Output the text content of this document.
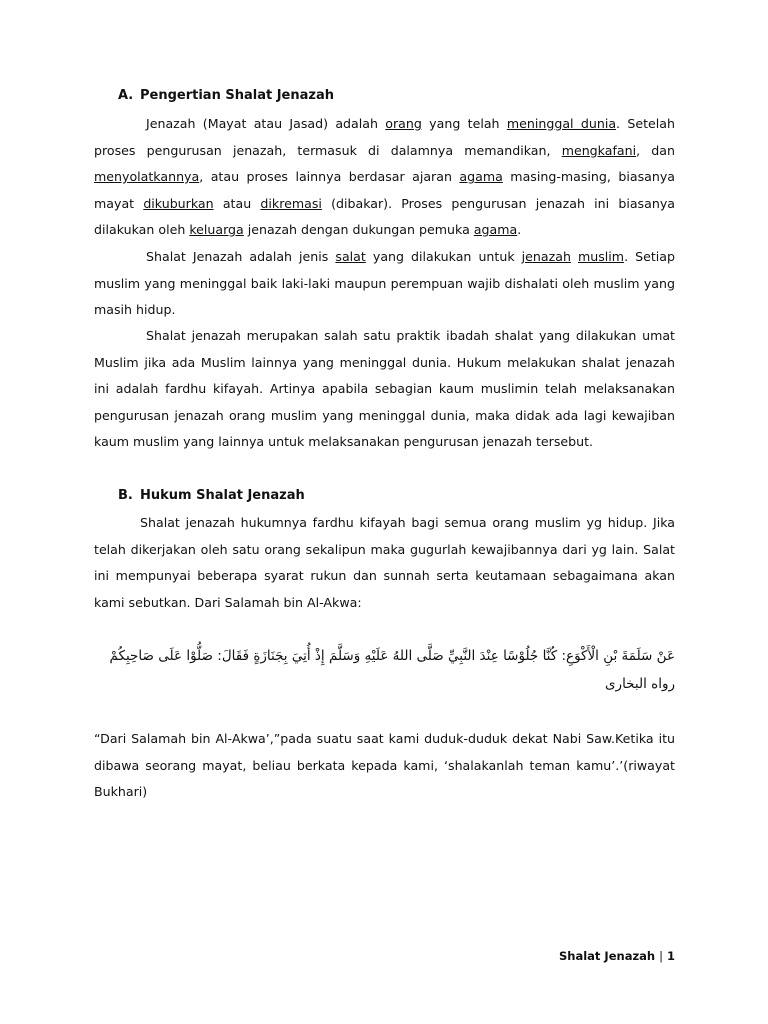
A. Pengertian Shalat Jenazah

Jenazah (Mayat atau Jasad) adalah orang yang telah meninggal dunia. Setelah proses pengurusan jenazah, termasuk di dalamnya memandikan, mengkafani, dan menyolatkannya, atau proses lainnya berdasar ajaran agama masing-masing, biasanya mayat dikuburkan atau dikremasi (dibakar). Proses pengurusan jenazah ini biasanya dilakukan oleh keluarga jenazah dengan dukungan pemuka agama.

Shalat Jenazah adalah jenis salat yang dilakukan untuk jenazah muslim. Setiap muslim yang meninggal baik laki-laki maupun perempuan wajib dishalati oleh muslim yang masih hidup.

Shalat jenazah merupakan salah satu praktik ibadah shalat yang dilakukan umat Muslim jika ada Muslim lainnya yang meninggal dunia. Hukum melakukan shalat jenazah ini adalah fardhu kifayah. Artinya apabila sebagian kaum muslimin telah melaksanakan pengurusan jenazah orang muslim yang meninggal dunia, maka didak ada lagi kewajiban kaum muslim yang lainnya untuk melaksanakan pengurusan jenazah tersebut.

B. Hukum Shalat Jenazah

Shalat jenazah hukumnya fardhu kifayah bagi semua orang muslim yg hidup. Jika telah dikerjakan oleh satu orang sekalipun maka gugurlah kewajibannya dari yg lain. Salat ini mempunyai beberapa syarat rukun dan sunnah serta keutamaan sebagaimana akan kami sebutkan. Dari Salamah bin Al-Akwa:

عَنْ سَلَمَةَ بْنِ الْأَكْوَعِ: كُنَّا جُلُوْسًا عِنْدَ النَّبِيِّ صَلَّى اللهُ عَلَيْهِ وَسَلَّمَ إِذْ أُتِيَ بِجَنَازَةٍ فَقَالَ: صَلُّوْا عَلَى صَاحِبِكُمْ رواه البخارى

“Dari Salamah bin Al-Akwa’,”pada suatu saat kami duduk-duduk dekat Nabi Saw.Ketika itu dibawa seorang mayat, beliau berkata kepada kami, ‘shalakanlah teman kamu’.’(riwayat Bukhari)

Shalat Jenazah | 1
